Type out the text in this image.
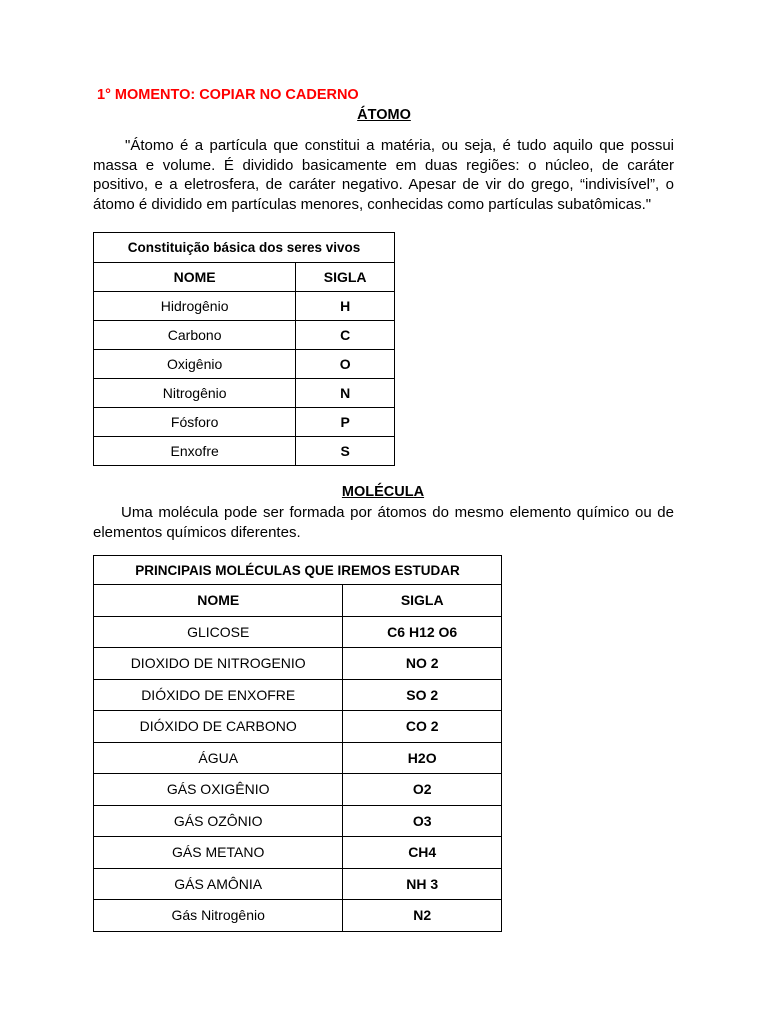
1° MOMENTO: COPIAR NO CADERNO
ÁTOMO
"Átomo é a partícula que constitui a matéria, ou seja, é tudo aquilo que possui massa e volume. É dividido basicamente em duas regiões: o núcleo, de caráter positivo, e a eletrosfera, de caráter negativo. Apesar de vir do grego, “indivisível”, o átomo é dividido em partículas menores, conhecidas como partículas subatômicas."
Constituição básica dos seres vivos	
NOME	SIGLA
Hidrogênio	H
Carbono	C
Oxigênio	O
Nitrogênio	N
Fósforo	P
Enxofre	S
MOLÉCULA
Uma molécula pode ser formada por átomos do mesmo elemento químico ou de elementos químicos diferentes.
PRINCIPAIS MOLÉCULAS QUE IREMOS ESTUDAR	
NOME	SIGLA
GLICOSE	C6 H12 O6
DIOXIDO DE NITROGENIO	NO 2
DIÓXIDO DE ENXOFRE	SO 2
DIÓXIDO DE CARBONO	CO 2
ÁGUA	H2O
GÁS OXIGÊNIO	O2
GÁS OZÔNIO	O3
GÁS METANO	CH4
GÁS AMÔNIA	NH 3
Gás Nitrogênio	N2
